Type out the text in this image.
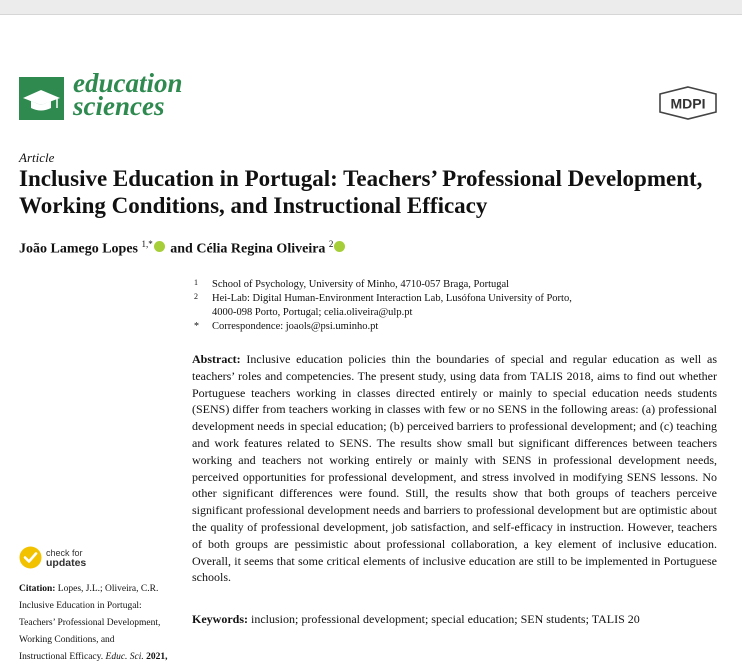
education
sciences	MDPI
Article
Inclusive Education in Portugal: Teachers’ Professional Development, Working Conditions, and Instructional Efficacy
João Lamego Lopes $^{1,*}$ and Célia Regina Oliveira $^2$
1 School of Psychology, University of Minho, 4710-057 Braga, Portugal
2 Hei-Lab: Digital Human-Environment Interaction Lab, Lusófona University of Porto,
4000-098 Porto, Portugal; celia.oliveira@ulp.pt
* Correspondence: joaols@psi.uminho.pt
Abstract: Inclusive education policies thin the boundaries of special and regular education as well as teachers’ roles and competencies. The present study, using data from TALIS 2018, aims to find out whether Portuguese teachers working in classes directed entirely or mainly to special education needs students (SENS) differ from teachers working in classes with few or no SENS in the following areas: (a) professional development needs in special education; (b) perceived barriers to professional development; and (c) teaching and work features related to SENS. The results show small but significant differences between teachers working and teachers not working entirely or mainly with SENS in professional development needs, perceived opportunities for professional development, and stress involved in modifying SENS lessons. No other significant differences were found. Still, the results show that both groups of teachers perceive significant professional development needs and barriers to professional development but are optimistic about the quality of professional development, job satisfaction, and self-efficacy in instruction. However, teachers of both groups are pessimistic about professional collaboration, a key element of inclusive education. Overall, it seems that some critical elements of inclusive education are still to be implemented in Portuguese schools.
Keywords: inclusion; professional development; special education; SEN students; TALIS 20
check for
updates
Citation: Lopes, J.L.; Oliveira, C.R.
Inclusive Education in Portugal:
Teachers’ Professional Development,
Working Conditions, and
Instructional Efficacy. Educ. Sci. 2021,
